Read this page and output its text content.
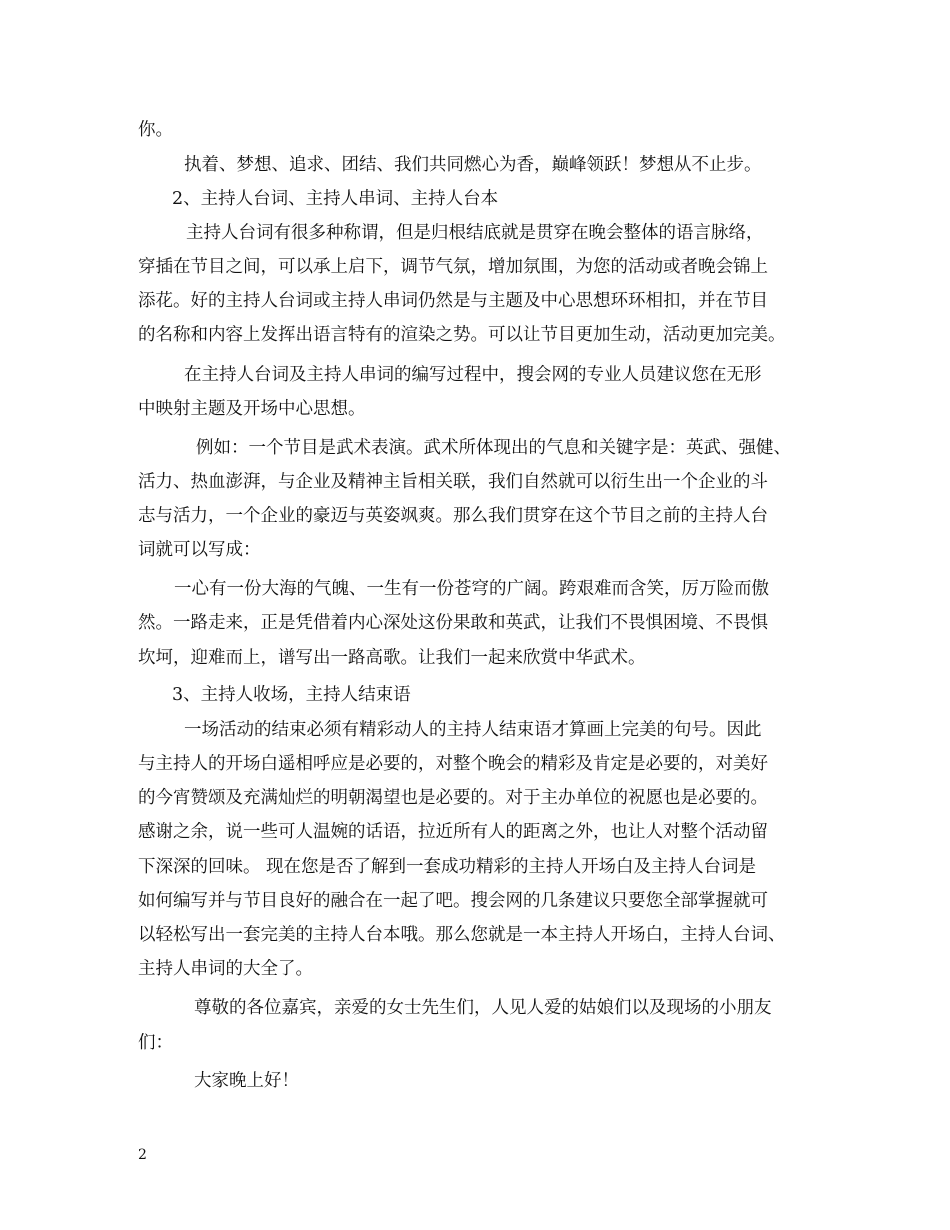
你。
执着、梦想、追求、团结、我们共同燃心为香，巅峰领跃！梦想从不止步。
2、主持人台词、主持人串词、主持人台本
主持人台词有很多种称谓，但是归根结底就是贯穿在晚会整体的语言脉络，
穿插在节目之间，可以承上启下，调节气氛，增加氛围，为您的活动或者晚会锦上
添花。好的主持人台词或主持人串词仍然是与主题及中心思想环环相扣，并在节目
的名称和内容上发挥出语言特有的渲染之势。可以让节目更加生动，活动更加完美。
在主持人台词及主持人串词的编写过程中，搜会网的专业人员建议您在无形
中映射主题及开场中心思想。
例如：一个节目是武术表演。武术所体现出的气息和关键字是：英武、强健、
活力、热血澎湃，与企业及精神主旨相关联，我们自然就可以衍生出一个企业的斗
志与活力，一个企业的豪迈与英姿飒爽。那么我们贯穿在这个节目之前的主持人台
词就可以写成：
一心有一份大海的气魄、一生有一份苍穹的广阔。跨艰难而含笑，厉万险而傲
然。一路走来，正是凭借着内心深处这份果敢和英武，让我们不畏惧困境、不畏惧
坎坷，迎难而上，谱写出一路高歌。让我们一起来欣赏中华武术。
3、主持人收场，主持人结束语
一场活动的结束必须有精彩动人的主持人结束语才算画上完美的句号。因此
与主持人的开场白遥相呼应是必要的，对整个晚会的精彩及肯定是必要的，对美好
的今宵赞颂及充满灿烂的明朝渴望也是必要的。对于主办单位的祝愿也是必要的。
感谢之余，说一些可人温婉的话语，拉近所有人的距离之外，也让人对整个活动留
下深深的回味。 现在您是否了解到一套成功精彩的主持人开场白及主持人台词是
如何编写并与节目良好的融合在一起了吧。搜会网的几条建议只要您全部掌握就可
以轻松写出一套完美的主持人台本哦。那么您就是一本主持人开场白，主持人台词、
主持人串词的大全了。
尊敬的各位嘉宾，亲爱的女士先生们，人见人爱的姑娘们以及现场的小朋友
们：
大家晚上好！
2
